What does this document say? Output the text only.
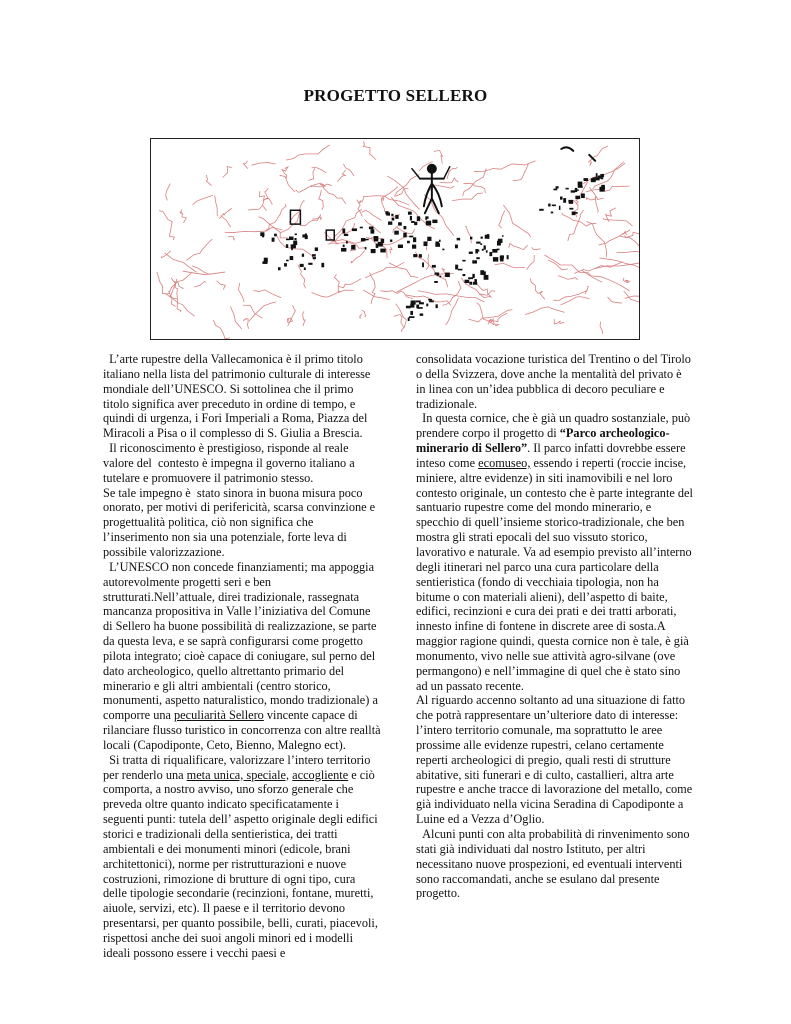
PROGETTO SELLERO

L’arte rupestre della Vallecamonica è il primo titolo italiano nella lista del patrimonio culturale di interesse mondiale dell’UNESCO. Si sottolinea che il primo titolo significa aver preceduto in ordine di tempo, e quindi di urgenza, i Fori Imperiali a Roma, Piazza del Miracoli a Pisa o il complesso di S. Giulia a Brescia.

Il riconoscimento è prestigioso, risponde al reale valore del  contesto è impegna il governo italiano a tutelare e promuovere il patrimonio stesso.

Se tale impegno è  stato sinora in buona misura poco onorato, per motivi di perifericità, scarsa convinzione e progettualità politica, ciò non significa che l’inserimento non sia una potenziale, forte leva di possibile valorizzazione.

L’UNESCO non concede finanziamenti; ma appoggia autorevolmente progetti seri e ben strutturati.Nell’attuale, direi tradizionale, rassegnata mancanza propositiva in Valle l’iniziativa del Comune di Sellero ha buone possibilità di realizzazione, se parte da questa leva, e se saprà configurarsi come progetto pilota integrato; cioè capace di coniugare, sul perno del dato archeologico, quello altrettanto primario del minerario e gli altri ambientali (centro storico, monumenti, aspetto naturalistico, mondo tradizionale) a comporre una peculiarità Sellero vincente capace di rilanciare flusso turistico in concorrenza con altre realltà locali (Capodiponte, Ceto, Bienno, Malegno ect).

Si tratta di riqualificare, valorizzare l’intero territorio per renderlo una meta unica, speciale, accogliente e ciò comporta, a nostro avviso, uno sforzo generale che preveda oltre quanto indicato specificatamente i seguenti punti: tutela dell’ aspetto originale degli edifici storici e tradizionali della sentieristica, dei tratti ambientali e dei monumenti minori (edicole, brani architettonici), norme per ristrutturazioni e nuove costruzioni, rimozione di brutture di ogni tipo, cura delle tipologie secondarie (recinzioni, fontane, muretti, aiuole, servizi, etc). Il paese e il territorio devono presentarsi, per quanto possibile, belli, curati, piacevoli, rispettosi anche dei suoi angoli minori ed i modelli ideali possono essere i vecchi paesi e

consolidata vocazione turistica del Trentino o del Tirolo o della Svizzera, dove anche la mentalità del privato è in linea con un’idea pubblica di decoro peculiare e tradizionale.

In questa cornice, che è già un quadro sostanziale, può prendere corpo il progetto di “Parco archeologico-minerario di Sellero”. Il parco infatti dovrebbe essere inteso come ecomuseo, essendo i reperti (roccie incise, miniere, altre evidenze) in siti inamovibili e nel loro contesto originale, un contesto che è parte integrante del santuario rupestre come del mondo minerario, e specchio di quell’insieme storico-tradizionale, che ben mostra gli strati epocali del suo vissuto storico, lavorativo e naturale. Va ad esempio previsto all’interno degli itinerari nel parco una cura particolare della sentieristica (fondo di vecchiaia tipologia, non ha bitume o con materiali alieni), dell’aspetto di baite, edifici, recinzioni e cura dei prati e dei tratti arborati, innesto infine di fontene in discrete aree di sosta.A maggior ragione quindi, questa cornice non è tale, è già monumento, vivo nelle sue attività agro-silvane (ove permangono) e nell’immagine di quel che è stato sino ad un passato recente.

Al riguardo accenno soltanto ad una situazione di fatto che potrà rappresentare un’ulteriore dato di interesse: l’intero territorio comunale, ma soprattutto le aree prossime alle evidenze rupestri, celano certamente reperti archeologici di pregio, quali resti di strutture abitative, siti funerari e di culto, castallieri, altra arte rupestre e anche tracce di lavorazione del metallo, come già individuato nella vicina Seradina di Capodiponte a Luine ed a Vezza d’Oglio.

Alcuni punti con alta probabilità di rinvenimento sono stati già individuati dal nostro Istituto, per altri necessitano nuove prospezioni, ed eventuali interventi sono raccomandati, anche se esulano dal presente progetto.
